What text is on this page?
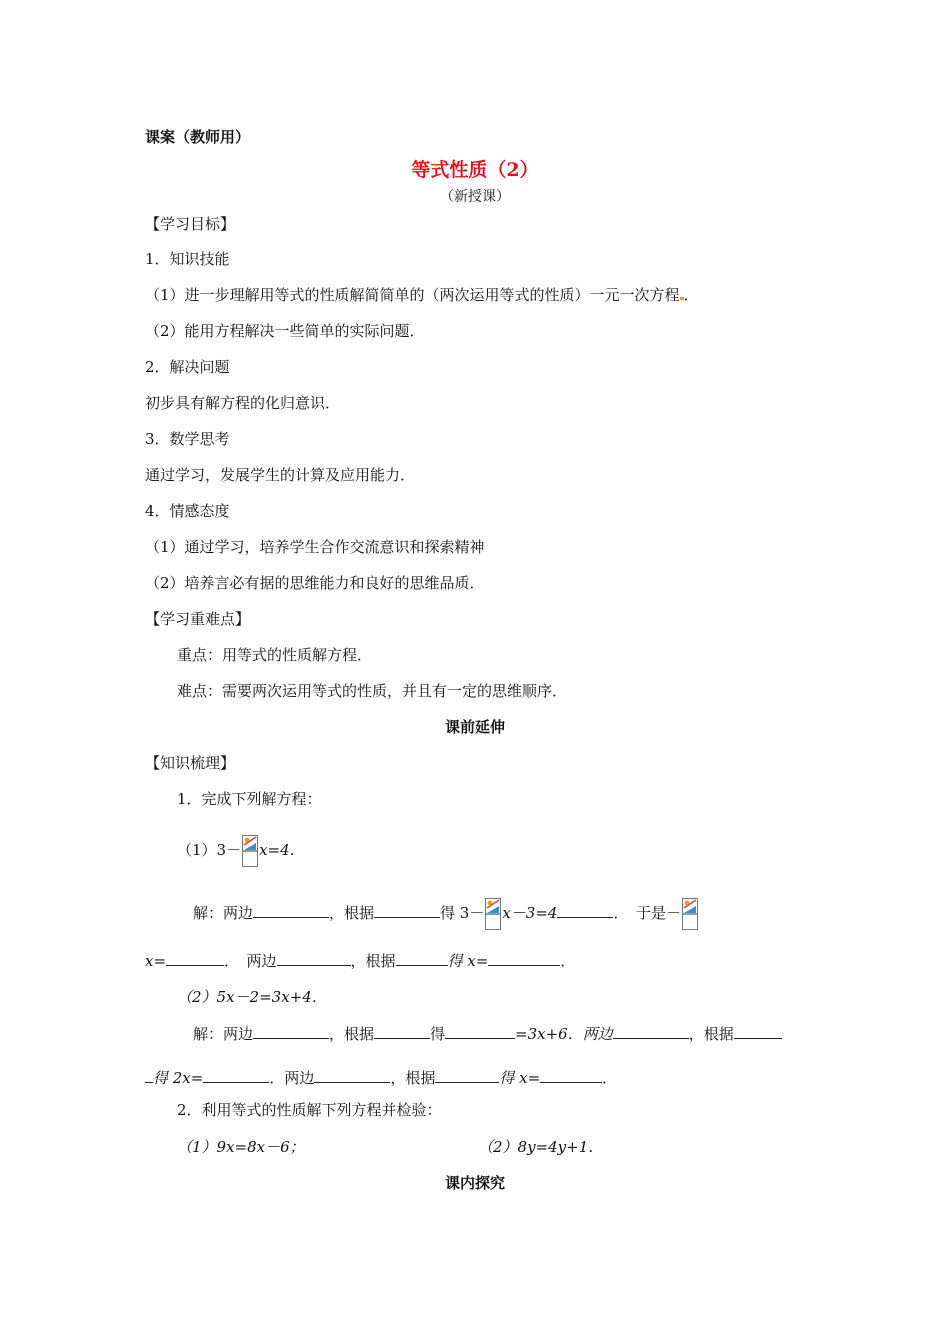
课案（教师用）
等式性质（2）
（新授课）
【学习目标】
1．知识技能
（1）进一步理解用等式的性质解简简单的（两次运用等式的性质）一元一次方程 ．
（2）能用方程解决一些简单的实际问题．
2．解决问题
初步具有解方程的化归意识．
3．数学思考
通过学习，发展学生的计算及应用能力．
4．情感态度
（1）通过学习，培养学生合作交流意识和探索精神
（2）培养言必有据的思维能力和良好的思维品质．
【学习重难点】
重点：用等式的性质解方程．
难点：需要两次运用等式的性质，并且有一定的思维顺序．
课前延伸
【知识梳理】
1．完成下列解方程：
（1）3－ x=4．
解：两边	，根据	得 3－ x－3=4	．　于是－
x=	．　两边	，根据	得 x=	．
（2）5x－2=3x+4．
解：两边	，根据	得	=3x+6．两边	，根据
得 2x=	．两边	，根据	得 x=	．
2．利用等式的性质解下列方程并检验：
（1）9x=8x－6；	（2）8y=4y+1．
课内探究
